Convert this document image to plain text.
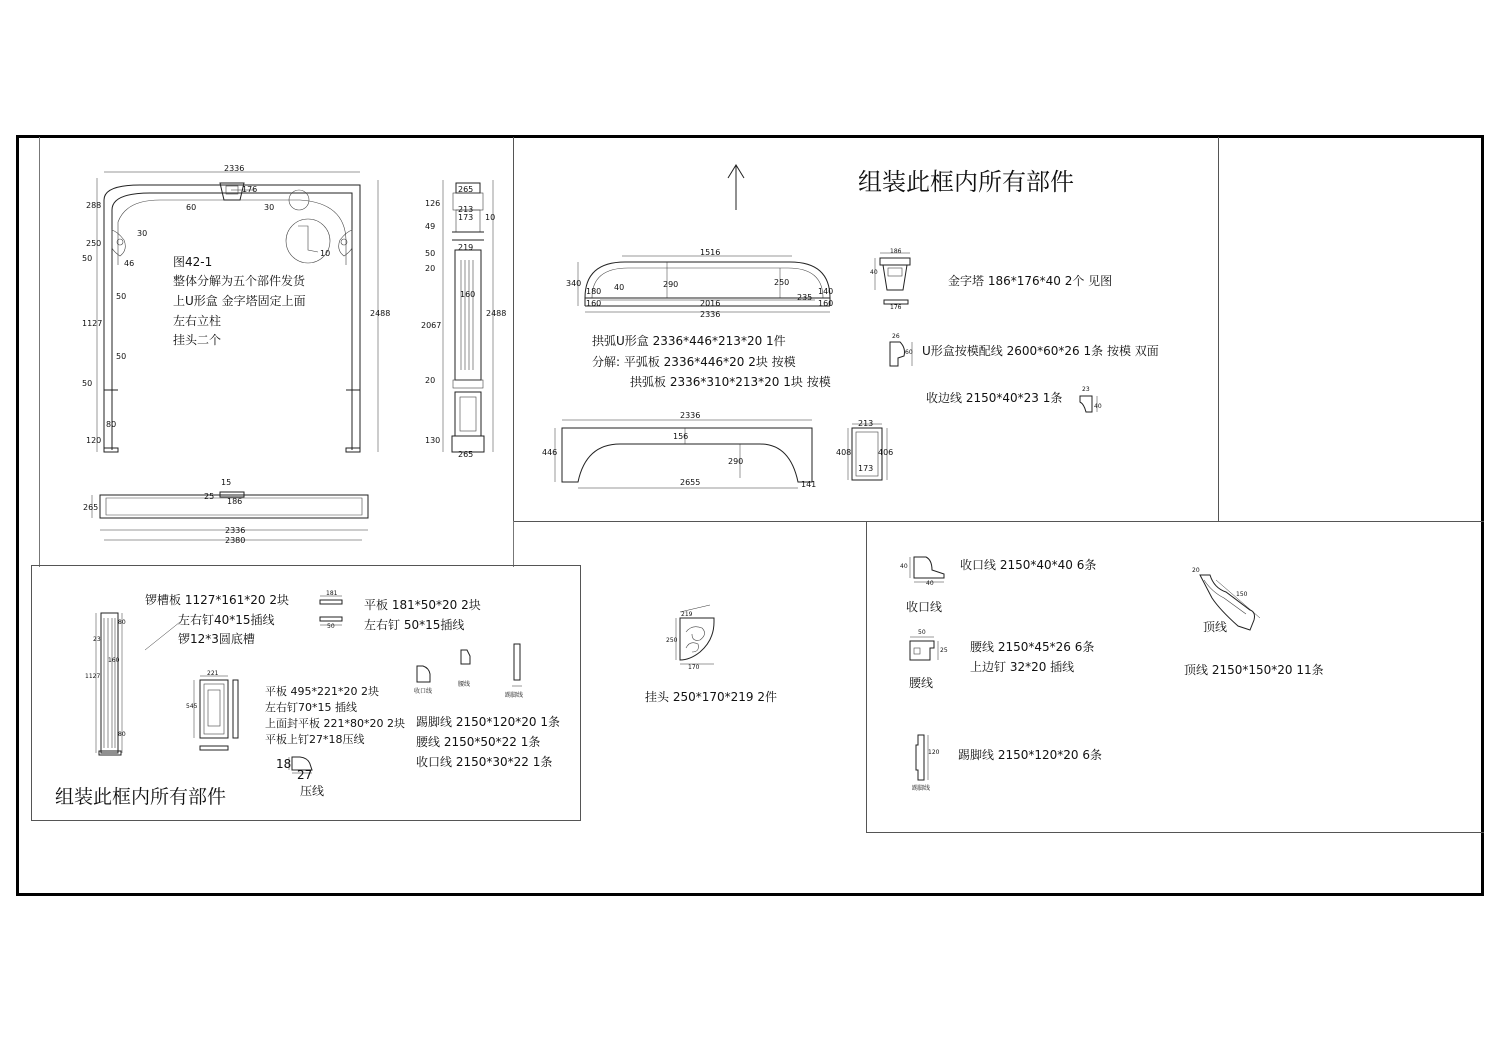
2336
288
250
50
1127
50
120
80
50
50
46
30
60
176
30
10
2488
265
126
213
173 10
49
219
50
20
160
2067
20
130
265
2488
15
25
186
265
2336
2380
图42-1
整体分解为五个部件发货
上U形盒 金字塔固定上面
左右立柱
挂头二个
组装此框内所有部件
1516
340	40	290	250
180	140
160	2016
235
160
2336
拱弧U形盒 2336*446*213*20 1件
分解: 平弧板 2336*446*20 2块 按模
拱弧板 2336*310*213*20 1块 按模
2336
446
156
290
2655	141
213
408	406
173
186
40
176
金字塔 186*176*40 2个 见图
26
60 U形盒按模配线 2600*60*26 1条 按模 双面
收边线 2150*40*23 1条
23
40
锣槽板 1127*161*20 2块
左右钉40*15插线
锣12*3圆底槽
1127
23
80
160
80
181
50
平板 181*50*20 2块
左右钉 50*15插线
221
545
平板 495*221*20 2块
左右钉70*15 插线
上面封平板 221*80*20 2块
平板上钉27*18压线
18
27
压线
收口线
腰线
踢脚线
踢脚线 2150*120*20 1条
腰线 2150*50*22 1条
收口线 2150*30*22 1条
组装此框内所有部件
219
250
170
挂头 250*170*219 2件
40
40
收口线 2150*40*40 6条
收口线
50
25 腰线 2150*45*26 6条
上边钉 32*20 插线
腰线
120 踢脚线 2150*120*20 6条
踢脚线
20
150
顶线
顶线 2150*150*20 11条
